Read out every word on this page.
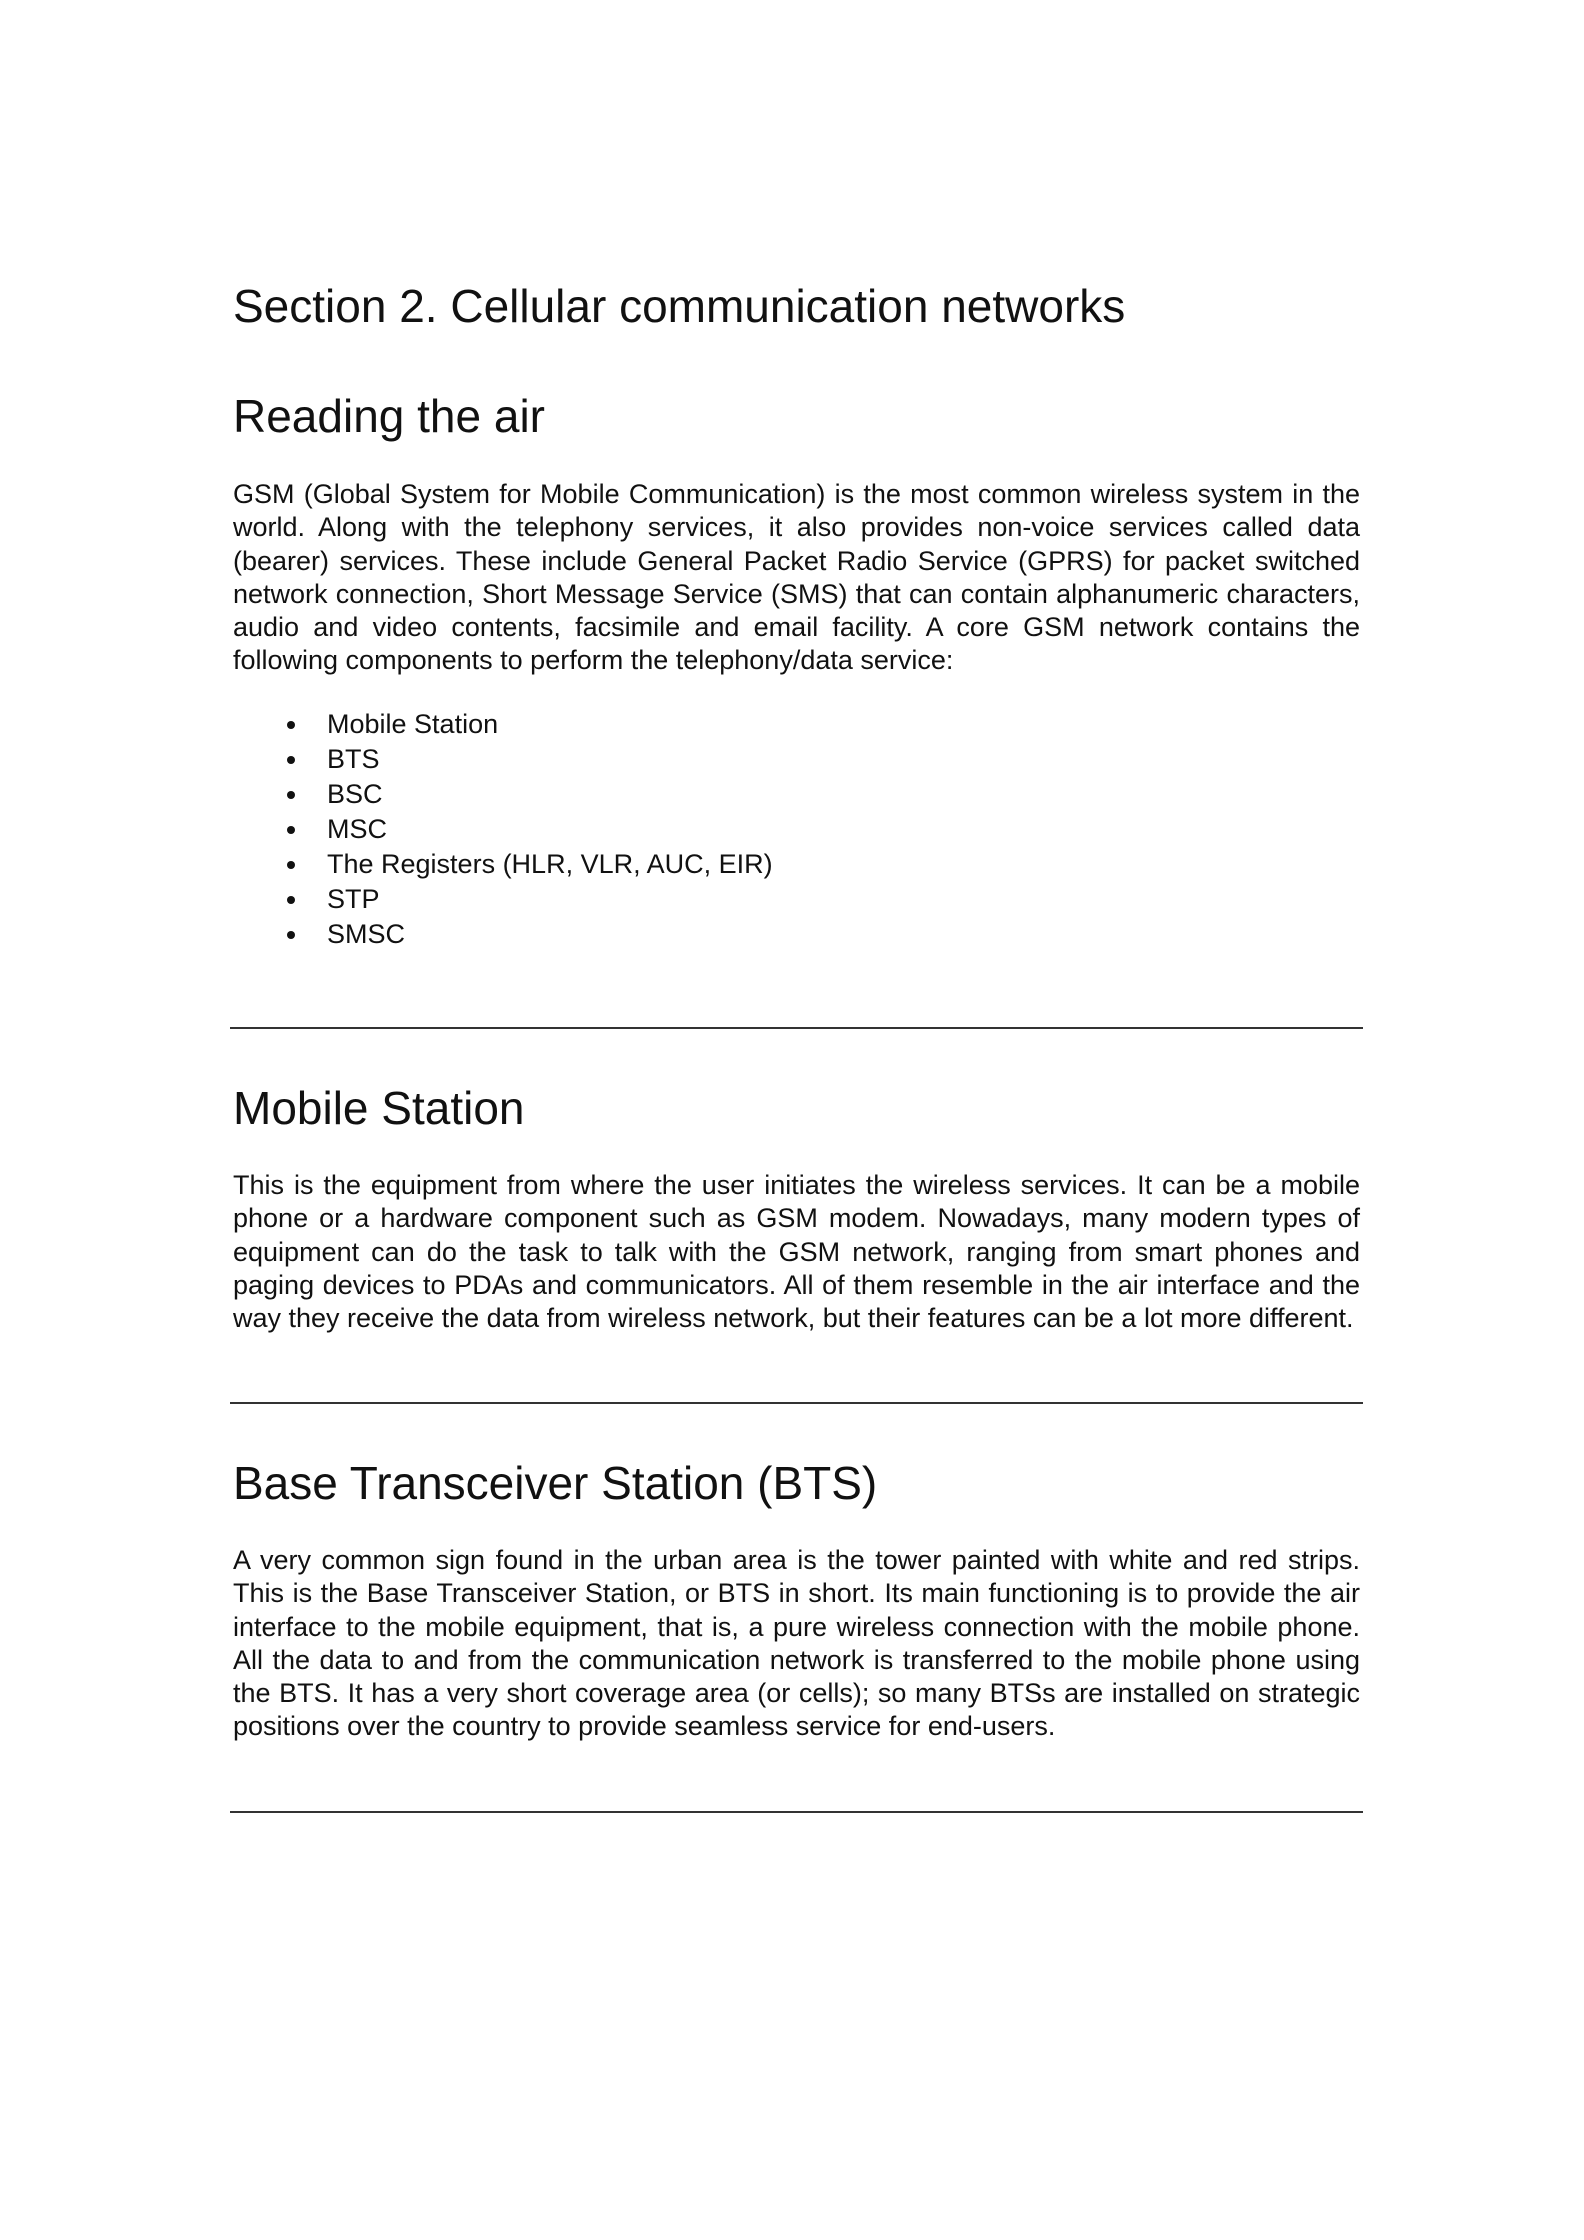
Section 2. Cellular communication networks
Reading the air

GSM (Global System for Mobile Communication) is the most common wireless system in the world. Along with the telephony services, it also provides non-voice services called data (bearer) services. These include General Packet Radio Service (GPRS) for packet switched network connection, Short Message Service (SMS) that can contain alphanumeric characters, audio and video contents, facsimile and email facility. A core GSM network contains the following components to perform the telephony/data service:

Mobile Station
BTS
BSC
MSC
The Registers (HLR, VLR, AUC, EIR)
STP
SMSC
Mobile Station

This is the equipment from where the user initiates the wireless services. It can be a mobile phone or a hardware component such as GSM modem. Nowadays, many modern types of equipment can do the task to talk with the GSM network, ranging from smart phones and paging devices to PDAs and communicators. All of them resemble in the air interface and the way they receive the data from wireless network, but their features can be a lot more different.

Base Transceiver Station (BTS)

A very common sign found in the urban area is the tower painted with white and red strips. This is the Base Transceiver Station, or BTS in short. Its main functioning is to provide the air interface to the mobile equipment, that is, a pure wireless connection with the mobile phone. All the data to and from the communication network is transferred to the mobile phone using the BTS. It has a very short coverage area (or cells); so many BTSs are installed on strategic positions over the country to provide seamless service for end-users.
